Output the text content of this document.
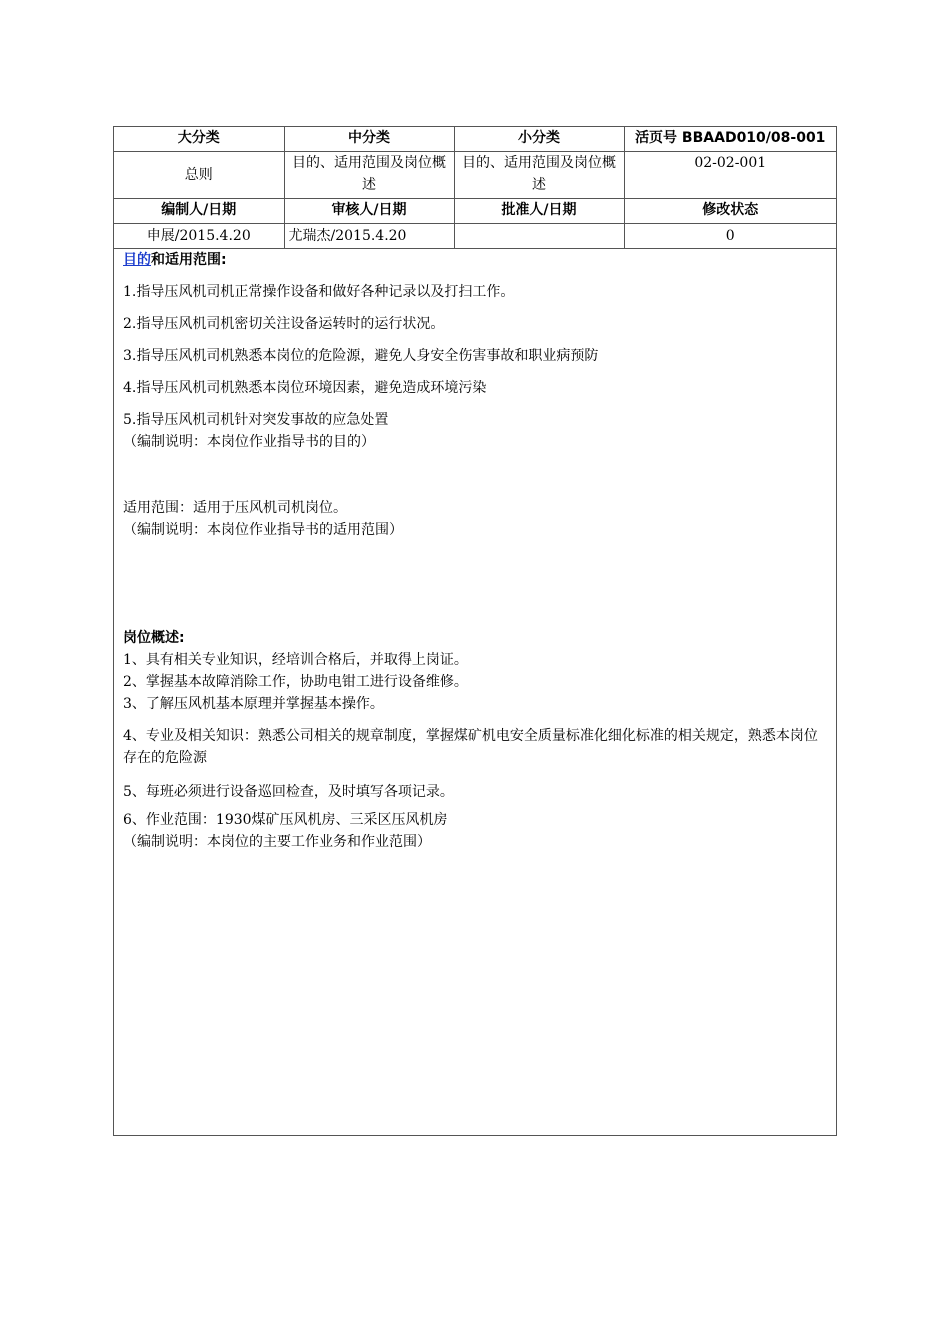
大分类	中分类	小分类	活页号 BBAAD010/08-001
总则	目的、适用范围及岗位概述	目的、适用范围及岗位概述	02-02-001
编制人/日期	审核人/日期	批准人/日期	修改状态
申展/2015.4.20	尤瑞杰/2015.4.20		0

目的和适用范围:

1.指导压风机司机正常操作设备和做好各种记录以及打扫工作。

2.指导压风机司机密切关注设备运转时的运行状况。

3.指导压风机司机熟悉本岗位的危险源，避免人身安全伤害事故和职业病预防

4.指导压风机司机熟悉本岗位环境因素，避免造成环境污染

5.指导压风机司机针对突发事故的应急处置

（编制说明：本岗位作业指导书的目的）

适用范围：适用于压风机司机岗位。

（编制说明：本岗位作业指导书的适用范围）

岗位概述:

1、具有相关专业知识，经培训合格后，并取得上岗证。

2、掌握基本故障消除工作，协助电钳工进行设备维修。

3、了解压风机基本原理并掌握基本操作。

4、专业及相关知识：熟悉公司相关的规章制度，掌握煤矿机电安全质量标准化细化标准的相关规定，熟悉本岗位存在的危险源

5、每班必须进行设备巡回检查，及时填写各项记录。

6、作业范围：1930煤矿压风机房、三采区压风机房

（编制说明：本岗位的主要工作业务和作业范围）
